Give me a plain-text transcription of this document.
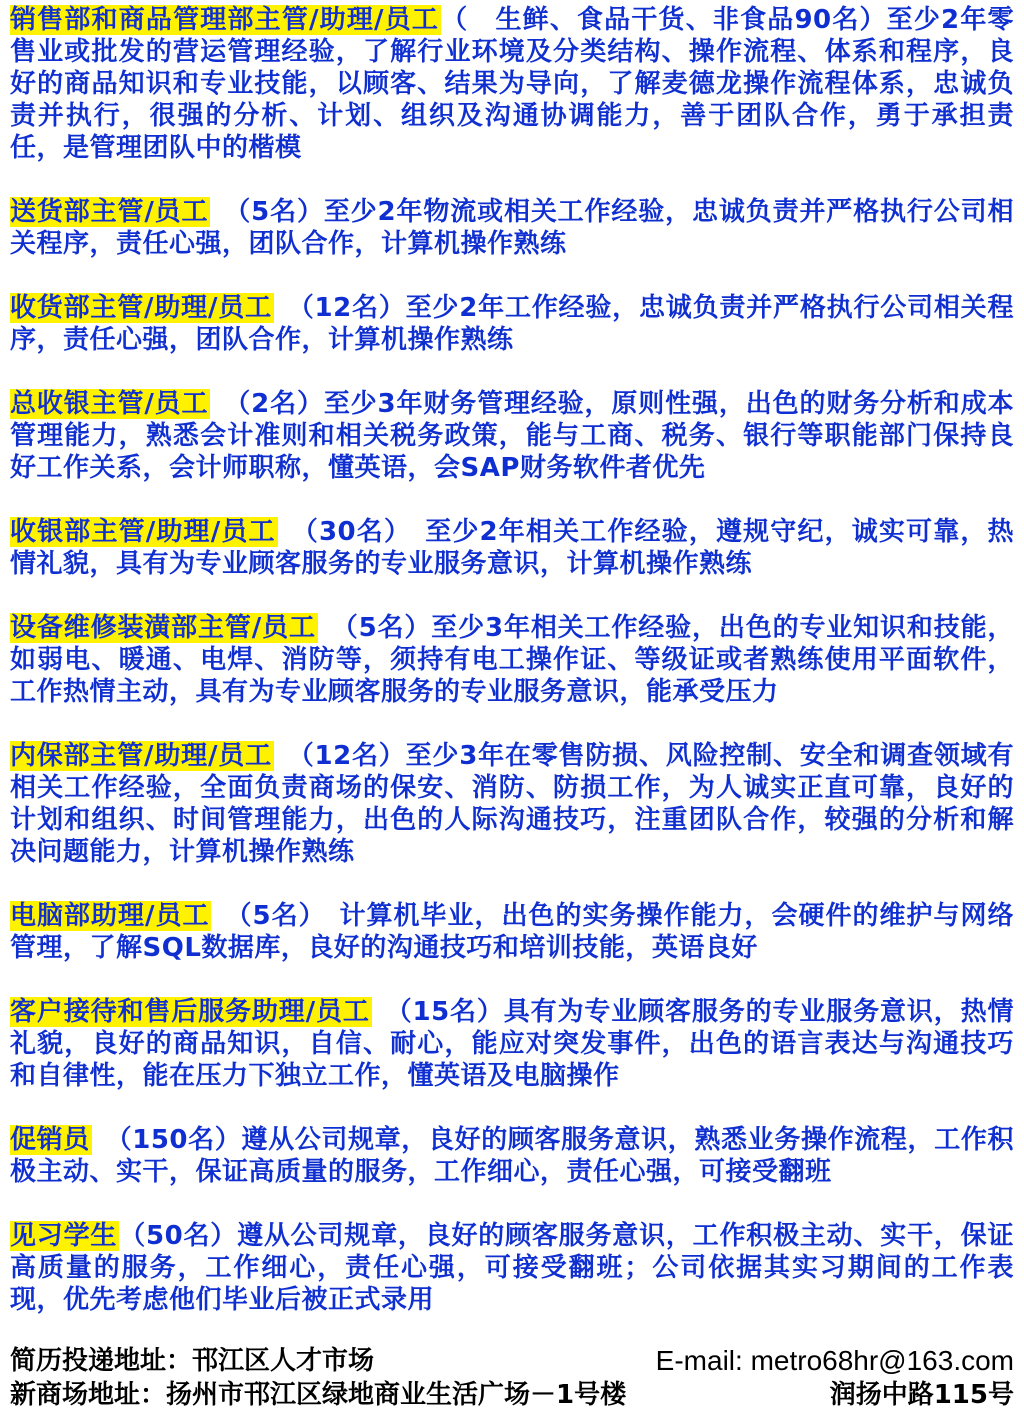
销售部和商品管理部主管/助理/员工（　生鲜、食品干货、非食品90名）至少2年零售业或批发的营运管理经验，了解行业环境及分类结构、操作流程、体系和程序，良好的商品知识和专业技能，以顾客、结果为导向，了解麦德龙操作流程体系，忠诚负责并执行，很强的分析、计划、组织及沟通协调能力，善于团队合作，勇于承担责任，是管理团队中的楷模

送货部主管/员工　（5名）至少2年物流或相关工作经验，忠诚负责并严格执行公司相关程序，责任心强，团队合作，计算机操作熟练

收货部主管/助理/员工　（12名）至少2年工作经验，忠诚负责并严格执行公司相关程序，责任心强，团队合作，计算机操作熟练

总收银主管/员工　（2名）至少3年财务管理经验，原则性强，出色的财务分析和成本管理能力，熟悉会计准则和相关税务政策，能与工商、税务、银行等职能部门保持良好工作关系，会计师职称，懂英语，会SAP财务软件者优先

收银部主管/助理/员工　（30名）　至少2年相关工作经验，遵规守纪，诚实可靠，热情礼貌，具有为专业顾客服务的专业服务意识，计算机操作熟练

设备维修装潢部主管/员工　（5名）至少3年相关工作经验，出色的专业知识和技能，如弱电、暖通、电焊、消防等，须持有电工操作证、等级证或者熟练使用平面软件，工作热情主动，具有为专业顾客服务的专业服务意识，能承受压力

内保部主管/助理/员工　（12名）至少3年在零售防损、风险控制、安全和调查领域有相关工作经验，全面负责商场的保安、消防、防损工作，为人诚实正直可靠，良好的计划和组织、时间管理能力，出色的人际沟通技巧，注重团队合作，较强的分析和解决问题能力，计算机操作熟练

电脑部助理/员工　（5名）　计算机毕业，出色的实务操作能力，会硬件的维护与网络管理，了解SQL数据库，良好的沟通技巧和培训技能，英语良好

客户接待和售后服务助理/员工　（15名）具有为专业顾客服务的专业服务意识，热情礼貌，良好的商品知识，自信、耐心，能应对突发事件，出色的语言表达与沟通技巧和自律性，能在压力下独立工作，懂英语及电脑操作

促销员　（150名）遵从公司规章，良好的顾客服务意识，熟悉业务操作流程，工作积极主动、实干，保证高质量的服务，工作细心，责任心强，可接受翻班

见习学生（50名）遵从公司规章，良好的顾客服务意识，工作积极主动、实干，保证高质量的服务，工作细心，责任心强，可接受翻班；公司依据其实习期间的工作表现，优先考虑他们毕业后被正式录用

简历投递地址：邗江区人才市场	E-mail: metro68hr@163.com
新商场地址：扬州市邗江区绿地商业生活广场－1号楼	润扬中路115号
